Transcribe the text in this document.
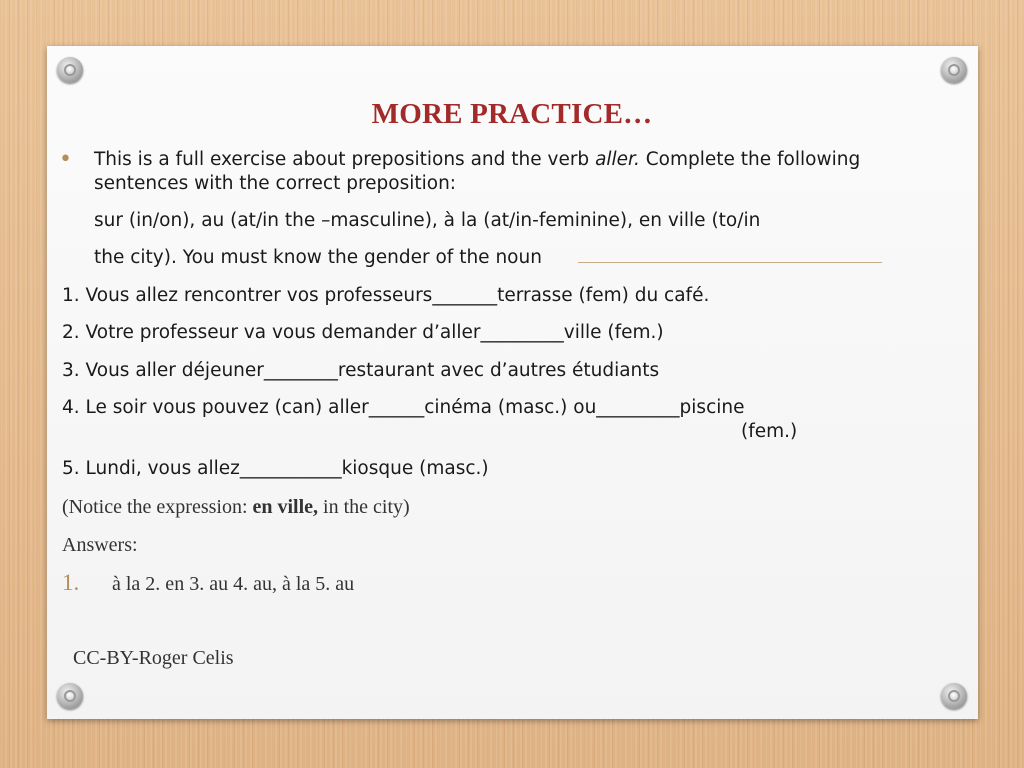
MORE PRACTICE…
• This is a full exercise about prepositions and the verb aller. Complete the following
sentences with the correct preposition:
sur (in/on), au (at/in the –masculine), à la (at/in-feminine), en ville (to/in
the city). You must know the gender of the noun
1. Vous allez rencontrer vos professeurs_______terrasse (fem) du café.
2. Votre professeur va vous demander d’aller_________ville (fem.)
3. Vous aller déjeuner________restaurant avec d’autres étudiants
4. Le soir vous pouvez (can) aller______cinéma (masc.) ou_________piscine
(fem.)
5. Lundi, vous allez___________kiosque (masc.)
(Notice the expression: en ville, in the city)
Answers:
1. à la 2. en 3. au 4. au, à la 5. au
CC-BY-Roger Celis
